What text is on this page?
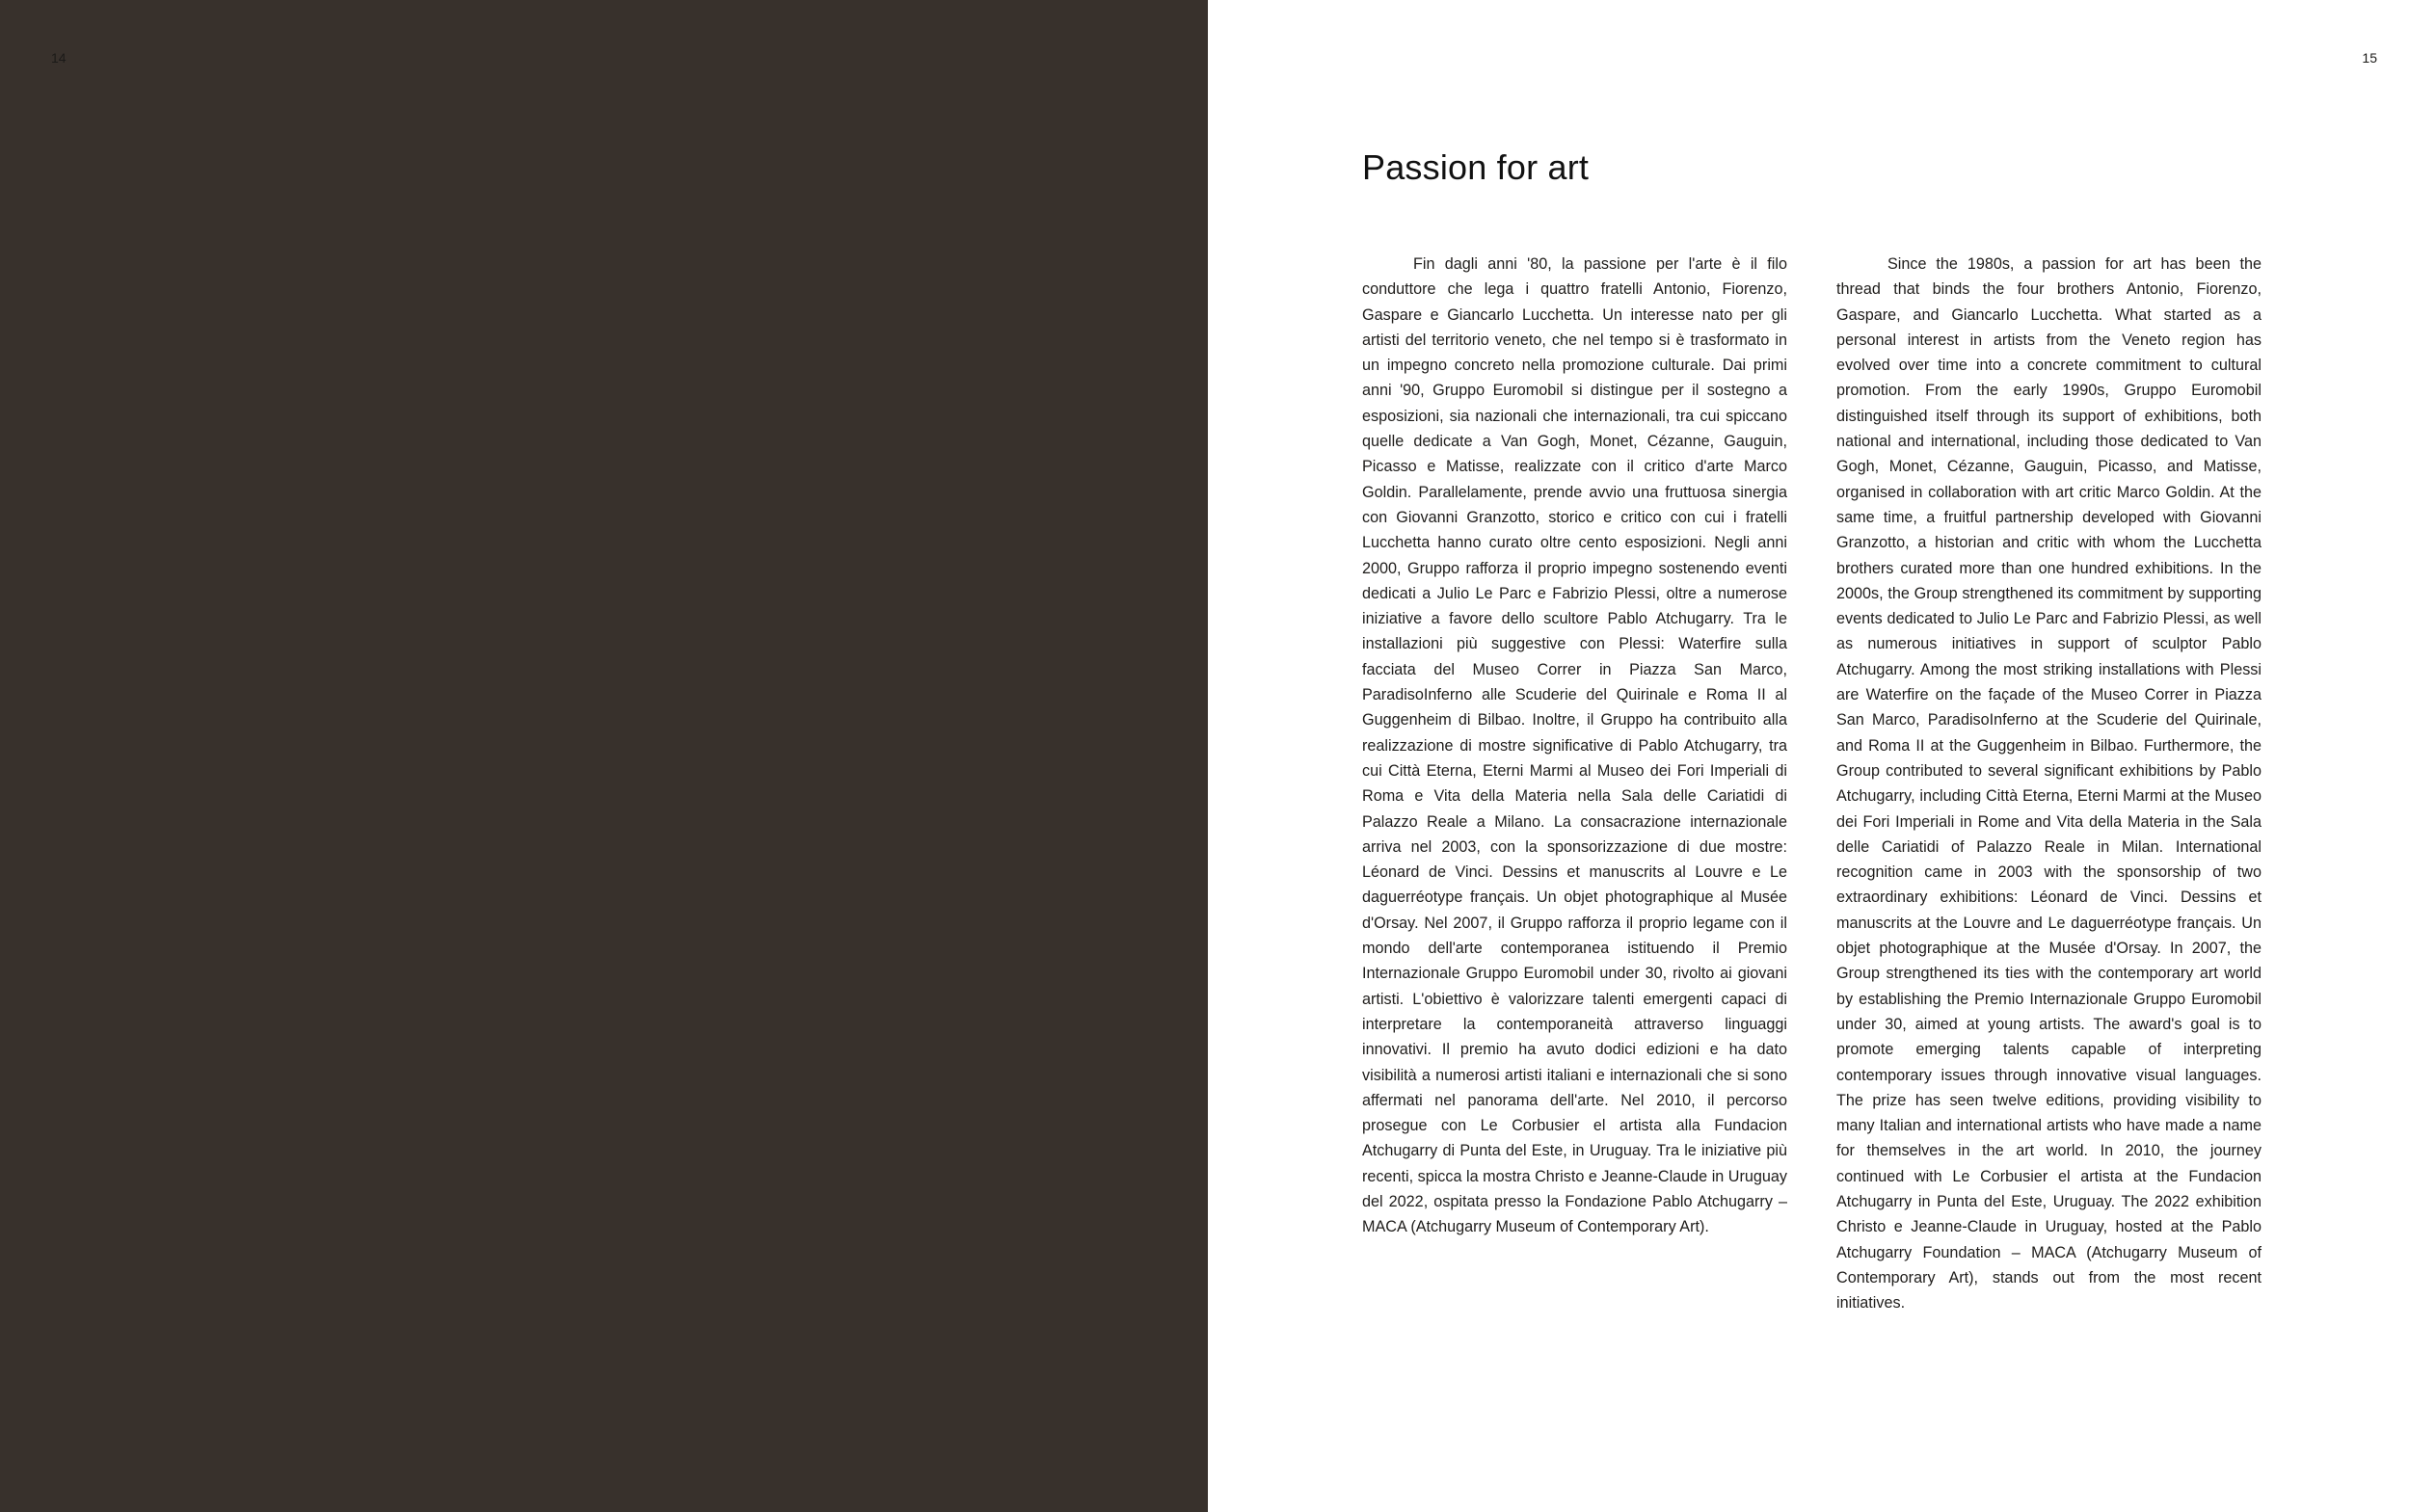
14	15
Passion for art

Fin dagli anni '80, la passione per l'arte è il filo conduttore che lega i quattro fratelli Antonio, Fiorenzo, Gaspare e Giancarlo Lucchetta. Un interesse nato per gli artisti del territorio veneto, che nel tempo si è trasformato in un impegno concreto nella promozione culturale. Dai primi anni '90, Gruppo Euromobil si distingue per il sostegno a esposizioni, sia nazionali che internazionali, tra cui spiccano quelle dedicate a Van Gogh, Monet, Cézanne, Gauguin, Picasso e Matisse, realizzate con il critico d'arte Marco Goldin. Parallelamente, prende avvio una fruttuosa sinergia con Giovanni Granzotto, storico e critico con cui i fratelli Lucchetta hanno curato oltre cento esposizioni. Negli anni 2000, Gruppo rafforza il proprio impegno sostenendo eventi dedicati a Julio Le Parc e Fabrizio Plessi, oltre a numerose iniziative a favore dello scultore Pablo Atchugarry. Tra le installazioni più suggestive con Plessi: Waterfire sulla facciata del Museo Correr in Piazza San Marco, ParadisoInferno alle Scuderie del Quirinale e Roma II al Guggenheim di Bilbao. Inoltre, il Gruppo ha contribuito alla realizzazione di mostre significative di Pablo Atchugarry, tra cui Città Eterna, Eterni Marmi al Museo dei Fori Imperiali di Roma e Vita della Materia nella Sala delle Cariatidi di Palazzo Reale a Milano. La consacrazione internazionale arriva nel 2003, con la sponsorizzazione di due mostre: Léonard de Vinci. Dessins et manuscrits al Louvre e Le daguerréotype français. Un objet photographique al Musée d'Orsay. Nel 2007, il Gruppo rafforza il proprio legame con il mondo dell'arte contemporanea istituendo il Premio Internazionale Gruppo Euromobil under 30, rivolto ai giovani artisti. L'obiettivo è valorizzare talenti emergenti capaci di interpretare la contemporaneità attraverso linguaggi innovativi. Il premio ha avuto dodici edizioni e ha dato visibilità a numerosi artisti italiani e internazionali che si sono affermati nel panorama dell'arte. Nel 2010, il percorso prosegue con Le Corbusier el artista alla Fundacion Atchugarry di Punta del Este, in Uruguay. Tra le iniziative più recenti, spicca la mostra Christo e Jeanne-Claude in Uruguay del 2022, ospitata presso la Fondazione Pablo Atchugarry – MACA (Atchugarry Museum of Contemporary Art).

Since the 1980s, a passion for art has been the thread that binds the four brothers Antonio, Fiorenzo, Gaspare, and Giancarlo Lucchetta. What started as a personal interest in artists from the Veneto region has evolved over time into a concrete commitment to cultural promotion. From the early 1990s, Gruppo Euromobil distinguished itself through its support of exhibitions, both national and international, including those dedicated to Van Gogh, Monet, Cézanne, Gauguin, Picasso, and Matisse, organised in collaboration with art critic Marco Goldin. At the same time, a fruitful partnership developed with Giovanni Granzotto, a historian and critic with whom the Lucchetta brothers curated more than one hundred exhibitions. In the 2000s, the Group strengthened its commitment by supporting events dedicated to Julio Le Parc and Fabrizio Plessi, as well as numerous initiatives in support of sculptor Pablo Atchugarry. Among the most striking installations with Plessi are Waterfire on the façade of the Museo Correr in Piazza San Marco, ParadisoInferno at the Scuderie del Quirinale, and Roma II at the Guggenheim in Bilbao. Furthermore, the Group contributed to several significant exhibitions by Pablo Atchugarry, including Città Eterna, Eterni Marmi at the Museo dei Fori Imperiali in Rome and Vita della Materia in the Sala delle Cariatidi of Palazzo Reale in Milan. International recognition came in 2003 with the sponsorship of two extraordinary exhibitions: Léonard de Vinci. Dessins et manuscrits at the Louvre and Le daguerréotype français. Un objet photographique at the Musée d'Orsay. In 2007, the Group strengthened its ties with the contemporary art world by establishing the Premio Internazionale Gruppo Euromobil under 30, aimed at young artists. The award's goal is to promote emerging talents capable of interpreting contemporary issues through innovative visual languages. The prize has seen twelve editions, providing visibility to many Italian and international artists who have made a name for themselves in the art world. In 2010, the journey continued with Le Corbusier el artista at the Fundacion Atchugarry in Punta del Este, Uruguay. The 2022 exhibition Christo e Jeanne-Claude in Uruguay, hosted at the Pablo Atchugarry Foundation – MACA (Atchugarry Museum of Contemporary Art), stands out from the most recent initiatives.
